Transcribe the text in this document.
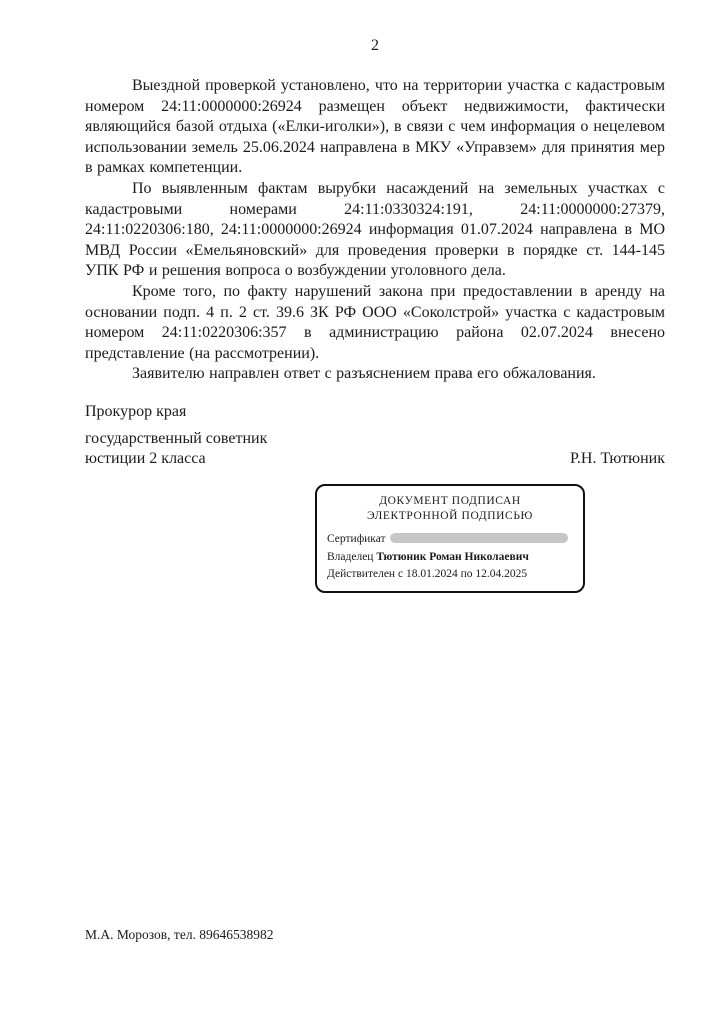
2

Выездной проверкой установлено, что на территории участка с кадастровым номером 24:11:0000000:26924 размещен объект недвижимости, фактически являющийся базой отдыха («Елки-иголки»), в связи с чем информация о нецелевом использовании земель 25.06.2024 направлена в МКУ «Управзем» для принятия мер в рамках компетенции.

По выявленным фактам вырубки насаждений на земельных участках с кадастровыми номерами 24:11:0330324:191, 24:11:0000000:27379, 24:11:0220306:180, 24:11:0000000:26924 информация 01.07.2024 направлена в МО МВД России «Емельяновский» для проведения проверки в порядке ст. 144-145 УПК РФ и решения вопроса о возбуждении уголовного дела.

Кроме того, по факту нарушений закона при предоставлении в аренду на основании подп. 4 п. 2 ст. 39.6 ЗК РФ ООО «Соколстрой» участка с кадастровым номером 24:11:0220306:357 в администрацию района 02.07.2024 внесено представление (на рассмотрении).

Заявителю направлен ответ с разъяснением права его обжалования.

Прокурор края
государственный советник
юстиции 2 класса	Р.Н. Тютюник
ДОКУМЕНТ ПОДПИСАН
ЭЛЕКТРОННОЙ ПОДПИСЬЮ
Сертификат
Владелец Тютюник Роман Николаевич
Действителен с 18.01.2024 по 12.04.2025
М.А. Морозов, тел. 89646538982
